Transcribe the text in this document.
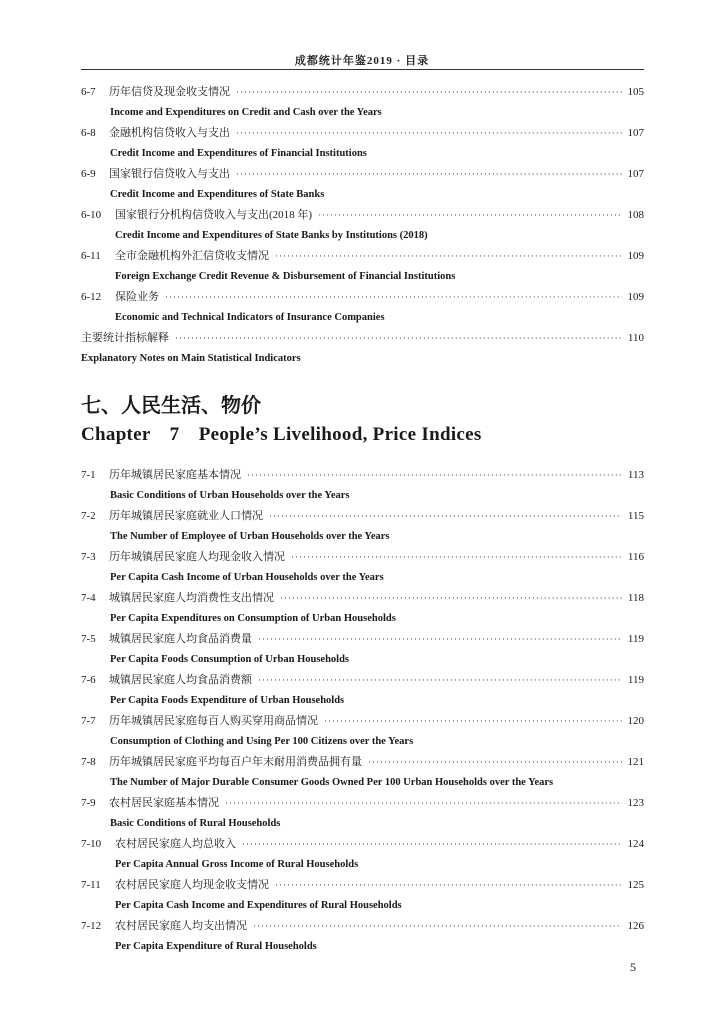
成都统计年鉴2019 · 目录
6-7	历年信贷及现金收支情况 ·····	105
Income and Expenditures on Credit and Cash over the Years
6-8	金融机构信贷收入与支出 ·····	107
Credit Income and Expenditures of Financial Institutions
6-9	国家银行信贷收入与支出 ·····	107
Credit Income and Expenditures of State Banks
6-10	国家银行分机构信贷收入与支出(2018 年) ·····	108
Credit Income and Expenditures of State Banks by Institutions (2018)
6-11	全市金融机构外汇信贷收支情况 ·····	109
Foreign Exchange Credit Revenue & Disbursement of Financial Institutions
6-12	保险业务 ·····	109
Economic and Technical Indicators of Insurance Companies
主要统计指标解释 ·····	110
Explanatory Notes on Main Statistical Indicators
七、人民生活、物价
Chapter　7　People’s Livelihood, Price Indices
7-1	历年城镇居民家庭基本情况 ·····	113
Basic Conditions of Urban Households over the Years
7-2	历年城镇居民家庭就业人口情况 ·····	115
The Number of Employee of Urban Households over the Years
7-3	历年城镇居民家庭人均现金收入情况 ·····	116
Per Capita Cash Income of Urban Households over the Years
7-4	城镇居民家庭人均消费性支出情况 ·····	118
Per Capita Expenditures on Consumption of Urban Households
7-5	城镇居民家庭人均食品消费量 ·····	119
Per Capita Foods Consumption of Urban Households
7-6	城镇居民家庭人均食品消费额 ·····	119
Per Capita Foods Expenditure of Urban Households
7-7	历年城镇居民家庭每百人购买穿用商品情况 ·····	120
Consumption of Clothing and Using Per 100 Citizens over the Years
7-8	历年城镇居民家庭平均每百户年末耐用消费品拥有量 ·····	121
The Number of Major Durable Consumer Goods Owned Per 100 Urban Households over the Years
7-9	农村居民家庭基本情况 ·····	123
Basic Conditions of Rural Households
7-10	农村居民家庭人均总收入 ·····	124
Per Capita Annual Gross Income of Rural Households
7-11	农村居民家庭人均现金收支情况 ·····	125
Per Capita Cash Income and Expenditures of Rural Households
7-12	农村居民家庭人均支出情况 ·····	126
Per Capita Expenditure of Rural Households
5
